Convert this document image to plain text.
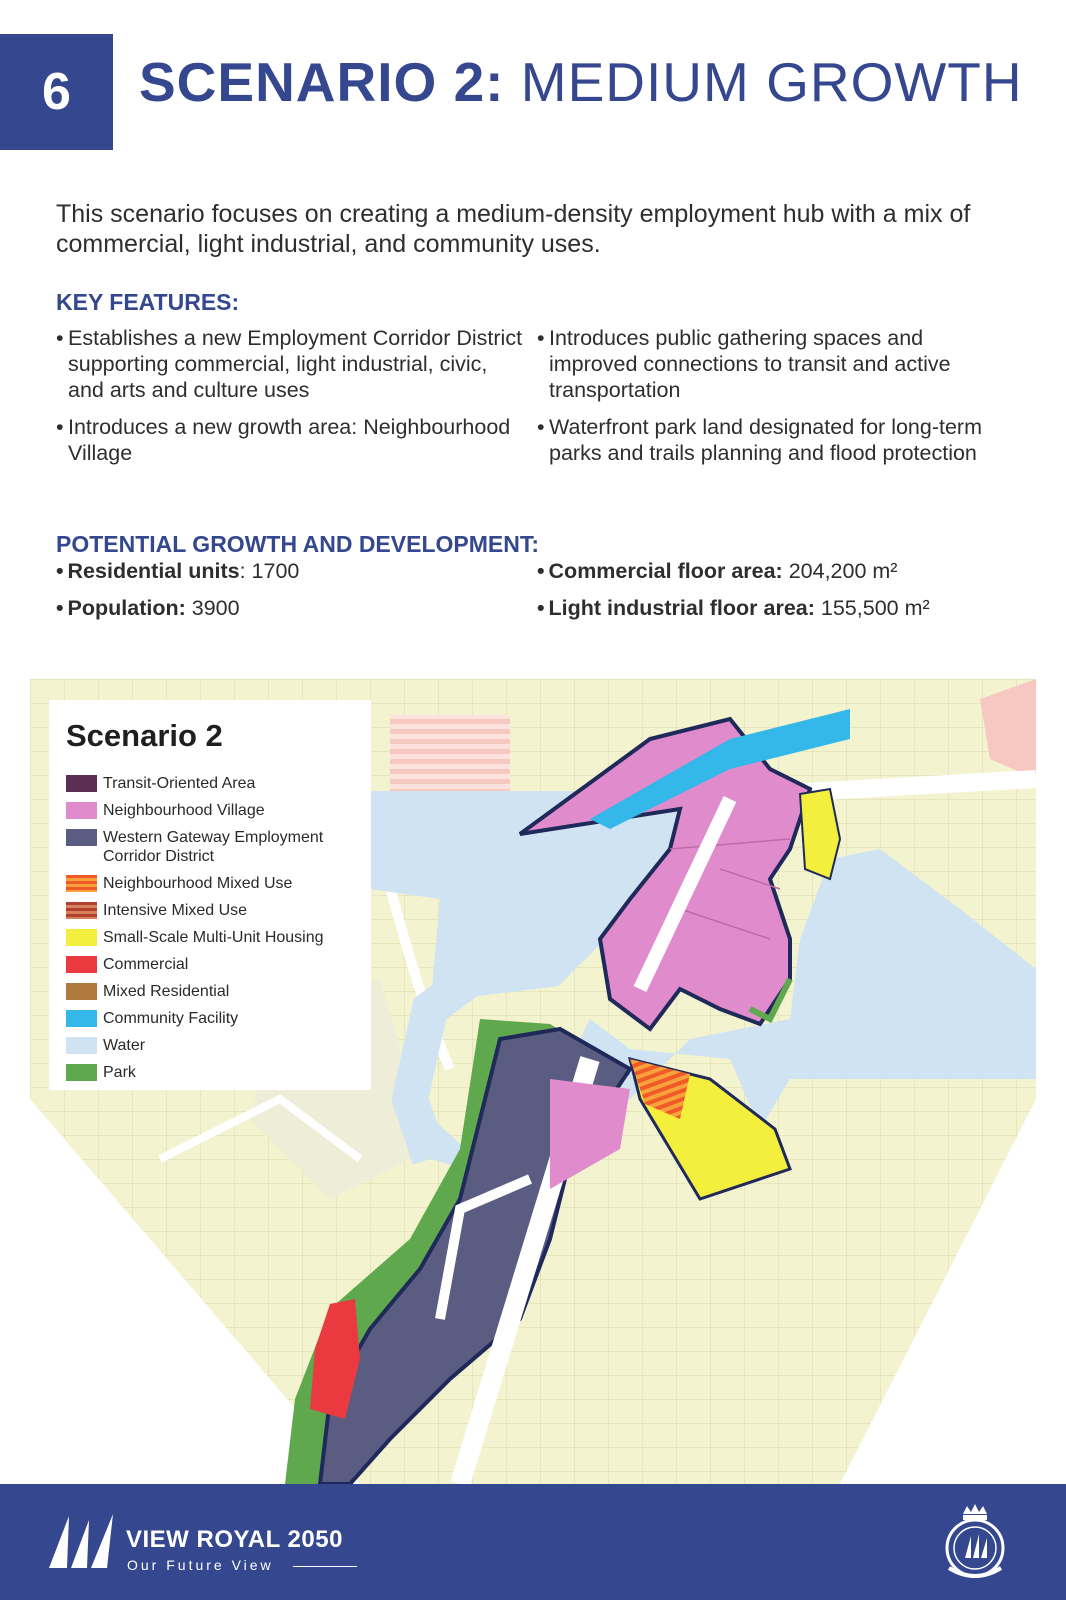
6	SCENARIO 2: MEDIUM GROWTH

This scenario focuses on creating a medium-density employment hub with a mix of commercial, light industrial, and community uses.

KEY FEATURES:
• Establishes a new Employment Corridor District supporting commercial, light industrial, civic, and arts and culture uses
• Introduces a new growth area: Neighbourhood Village
• Introduces public gathering spaces and improved connections to transit and active transportation
• Waterfront park land designated for long-term parks and trails planning and flood protection
POTENTIAL GROWTH AND DEVELOPMENT:
• Residential units: 1700
• Population: 3900
• Commercial floor area: 204,200 m²
• Light industrial floor area: 155,500 m²
Scenario 2
Transit-Oriented Area
Neighbourhood Village
Western Gateway Employment Corridor District
Neighbourhood Mixed Use
Intensive Mixed Use
Small-Scale Multi-Unit Housing
Commercial
Mixed Residential
Community Facility
Water
Park
VIEW ROYAL 2050
Our Future View
